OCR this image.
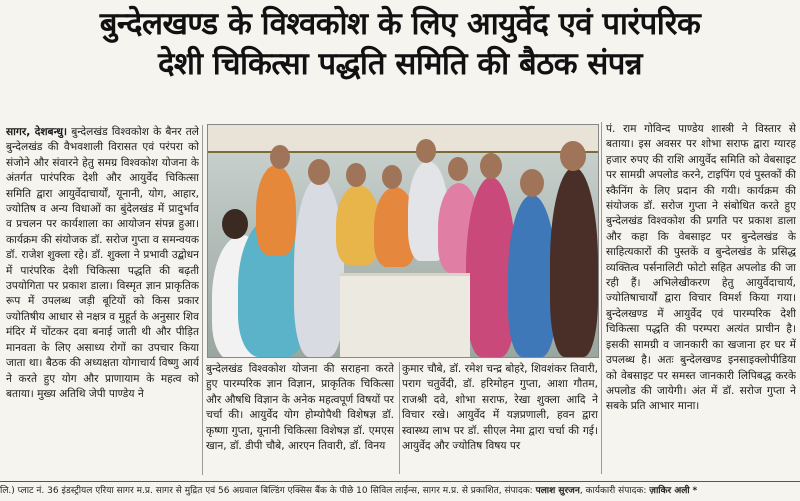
बुन्देलखण्ड के विश्वकोश के लिए आयुर्वेद एवं पारंपरिक
देशी चिकित्सा पद्धति समिति की बैठक संपन्न
सागर, देशबन्धु। बुन्देलखंड विश्वकोश के बैनर तले बुन्देलखंड की वैभवशाली विरासत एवं परंपरा को संजोने और संवारने हेतु समग्र विश्वकोश योजना के अंतर्गत पारंपरिक देशी और आयुर्वेद चिकित्सा समिति द्वारा आयुर्वेदाचार्यों, यूनानी, योग, आहार, ज्योतिष व अन्य विधाओं का बुंदेलखंड में प्रादुर्भाव व प्रचलन पर कार्यशाला का आयोजन संपन्न हुआ। कार्यक्रम की संयोजक डॉ. सरोज गुप्ता व समन्वयक डॉ. राजेश शुक्ला रहे। डॉ. शुक्ला ने प्रभावी उद्बोधन में पारंपरिक देशी चिकित्सा पद्धति की बढ़ती उपयोगिता पर प्रकाश डाला। विस्मृत ज्ञान प्राकृतिक रूप में उपलब्ध जड़ी बूटियों को किस प्रकार ज्योतिषीय आधार से नक्षत्र व मुहूर्त के अनुसार शिव मंदिर में चोंटकर दवा बनाई जाती थी और पीड़ित मानवता के लिए असाध्य रोगों का उपचार किया जाता था। बैठक की अध्यक्षता योगाचार्य विष्णु आर्य ने करते हुए योग और प्राणायाम के महत्व को बताया। मुख्य अतिथि जेपी पाण्डेय ने
बुन्देलखंड विश्वकोश योजना की सराहना करते हुए पारम्परिक ज्ञान विज्ञान, प्राकृतिक चिकित्सा और औषधि विज्ञान के अनेक महत्वपूर्ण विषयों पर चर्चा की। आयुर्वेद योग होम्योपैथी विशेषज्ञ डॉ. कृष्णा गुप्ता, यूनानी चिकित्सा विशेषज्ञ डॉ. एमएस खान, डॉ. डीपी चौबे, आरएन तिवारी, डॉ. विनय
कुमार चौबे, डॉ. रमेश चन्द्र बोहरे, शिवशंकर तिवारी, पराग चतुर्वेदी, डॉ. हरिमोहन गुप्ता, आशा गौतम, राजश्री दवे, शोभा सराफ, रेखा शुक्ला आदि ने विचार रखे। आयुर्वेद में यज्ञप्रणाली, हवन द्वारा स्वास्थ्य लाभ पर डॉ. सीएल नेमा द्वारा चर्चा की गई। आयुर्वेद और ज्योतिष विषय पर
पं. राम गोविन्द पाण्डेय शास्त्री ने विस्तार से बताया। इस अवसर पर शोभा सराफ द्वारा ग्यारह हजार रुपए की राशि आयुर्वेद समिति को वेबसाइट पर सामग्री अपलोड करने, टाइपिंग एवं पुस्तकों की स्कैनिंग के लिए प्रदान की गयी। कार्यक्रम की संयोजक डॉ. सरोज गुप्ता ने संबोधित करते हुए बुन्देलखंड विश्वकोश की प्रगति पर प्रकाश डाला और कहा कि वेबसाइट पर बुन्देलखंड के साहित्यकारों की पुस्तकें व बुन्देलखंड के प्रसिद्ध व्यक्तित्व पर्सनालिटी फोटो सहित अपलोड की जा रही हैं। अभिलेखीकरण हेतु आयुर्वेदाचार्य, ज्योतिषाचार्यों द्वारा विचार विमर्श किया गया। बुन्देलखण्ड में आयुर्वेद एवं पारम्परिक देशी चिकित्सा पद्धति की परम्परा अत्यंत प्राचीन है। इसकी सामग्री व जानकारी का खजाना हर घर में उपलब्ध है। अतः बुन्देलखण्ड इनसाइक्लोपीडिया को वेबसाइट पर समस्त जानकारी लिपिबद्ध करके अपलोड की जायेगी। अंत में डॉ. सरोज गुप्ता ने सबके प्रति आभार माना।
लि.) प्लाट नं. 36 इंडस्ट्रीयल एरिया सागर म.प्र. सागर से मुद्रित एवं 56 अग्रवाल बिल्डिंग एक्सिस बैंक के पीछे 10 सिविल लाईन्स, सागर म.प्र. से प्रकाशित, संपादक: पलाश सुरजन, कार्यकारी संपादक: ज़ाकिर अली *
